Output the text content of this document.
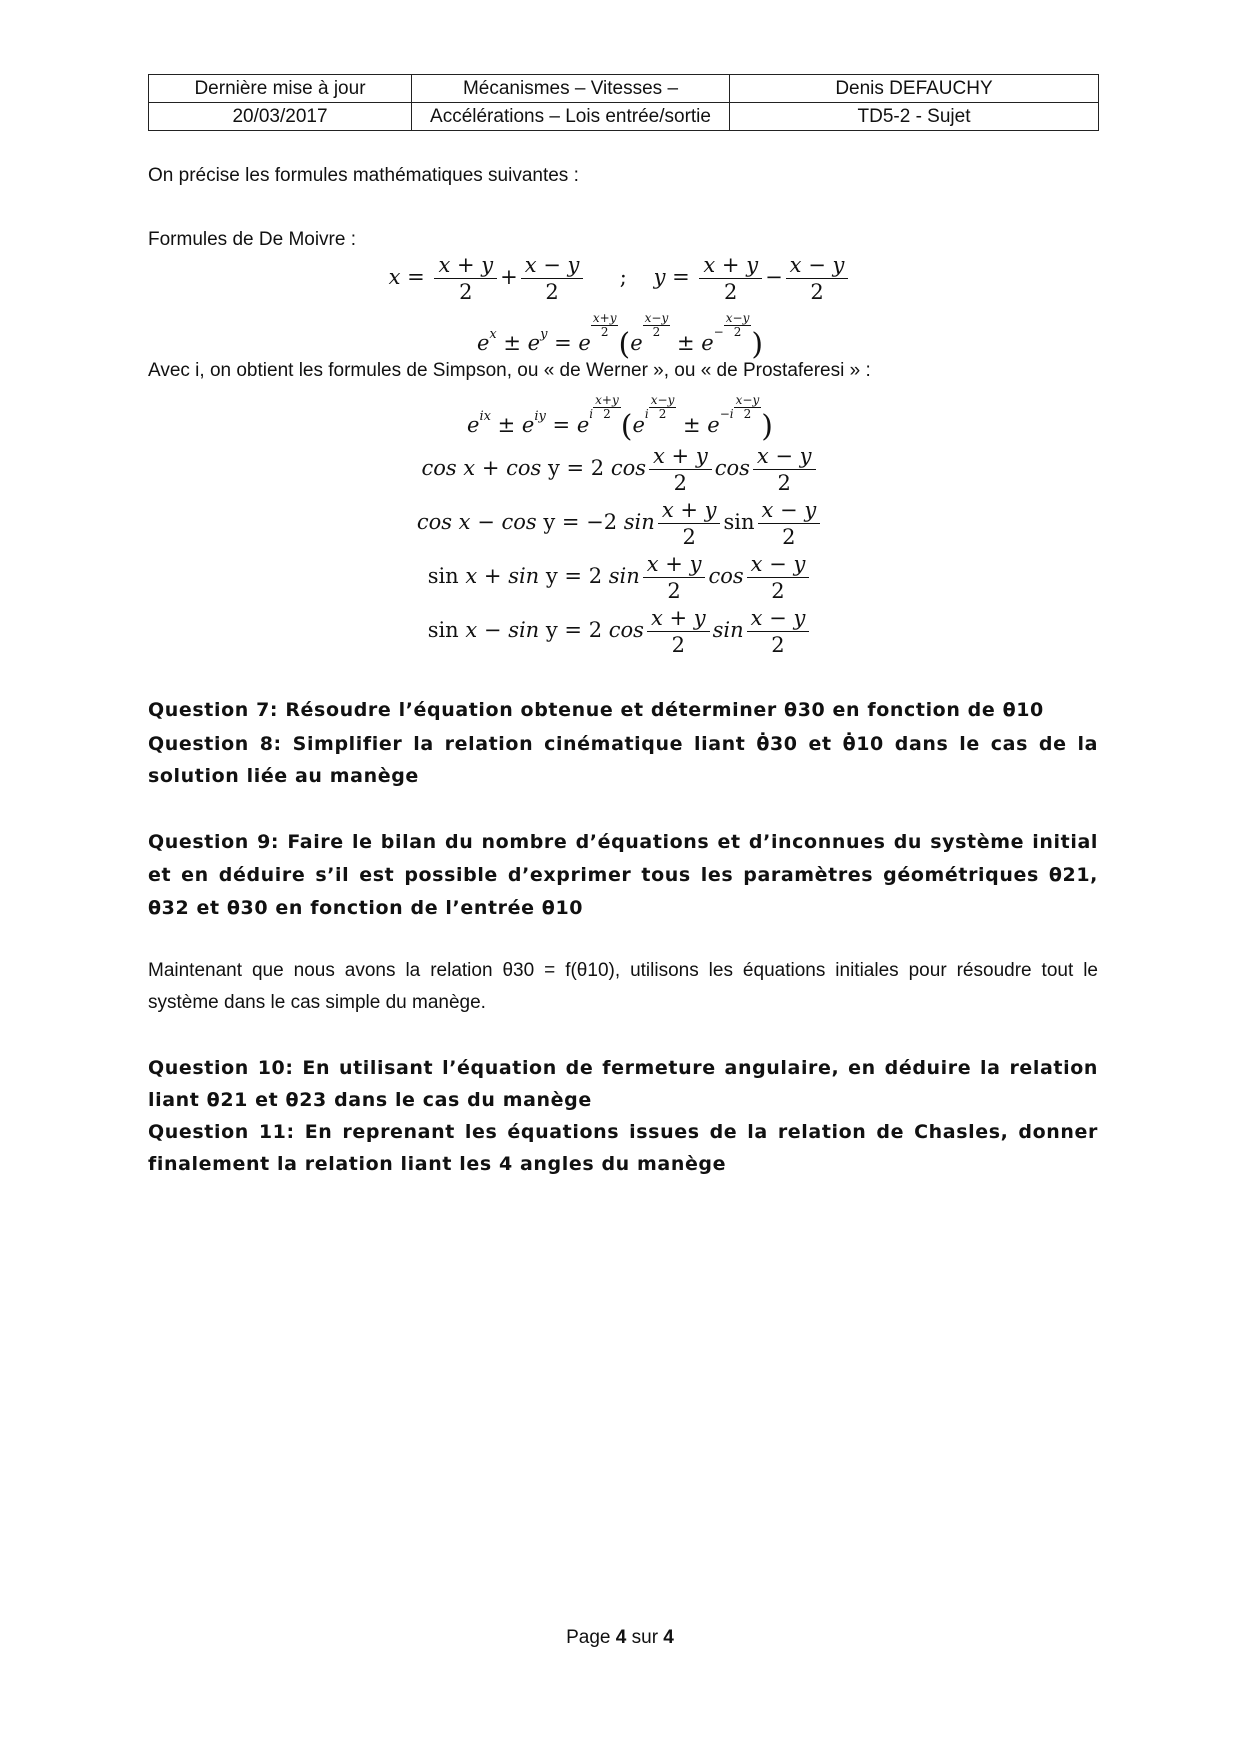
Dernière mise à jour	Mécanismes – Vitesses –	Denis DEFAUCHY
20/03/2017	Accélérations – Lois entrée/sortie	TD5-2 - Sujet
On précise les formules mathématiques suivantes :
Formules de De Moivre :
$x = \frac{x + y}{2} + \frac{x - y}{2}$ ;    $y = \frac{x + y}{2} - \frac{x - y}{2}$
$e^x \pm e^y = e$
$\frac{x+y}{2}$
(e
$\frac{x-y}{2}$
± $e- \frac{x-y}{2}$
)
Avec i, on obtient les formules de Simpson, ou « de Werner », ou « de Prostaferesi » :
$e^{ix} \pm e^{iy}$ = ei $\frac{x+y}{2}$
($ei \frac{x-y}{2}$
± $e-i \frac{x-y}{2}$
)
cos x + cos y = 2 $\cos \frac{x + y}{2}$ $\cos \frac{x - y}{2}$
cos x − cos y = −2 $\sin \frac{x + y}{2}$ $\sin \frac{x - y}{2}$
sin x + sin y = 2 $\sin \frac{x + y}{2}$ $\cos \frac{x - y}{2}$
sin x − sin y = 2 $\cos \frac{x + y}{2}$ $\sin \frac{x - y}{2}$
Question 7: Résoudre l’équation obtenue et déterminer θ30 en fonction de θ10
Question 8: Simplifier la relation cinématique liant θ̇30 et θ̇10 dans le cas de la solution liée au manège
Question 9: Faire le bilan du nombre d’équations et d’inconnues du système initial et en déduire s’il est possible d’exprimer tous les paramètres géométriques θ21, θ32 et θ30 en fonction de l’entrée θ10
Maintenant que nous avons la relation θ30 = f(θ10), utilisons les équations initiales pour résoudre tout le système dans le cas simple du manège.
Question 10: En utilisant l’équation de fermeture angulaire, en déduire la relation liant θ21 et θ23 dans le cas du manège
Question 11: En reprenant les équations issues de la relation de Chasles, donner finalement la relation liant les 4 angles du manège
Page 4 sur 4
